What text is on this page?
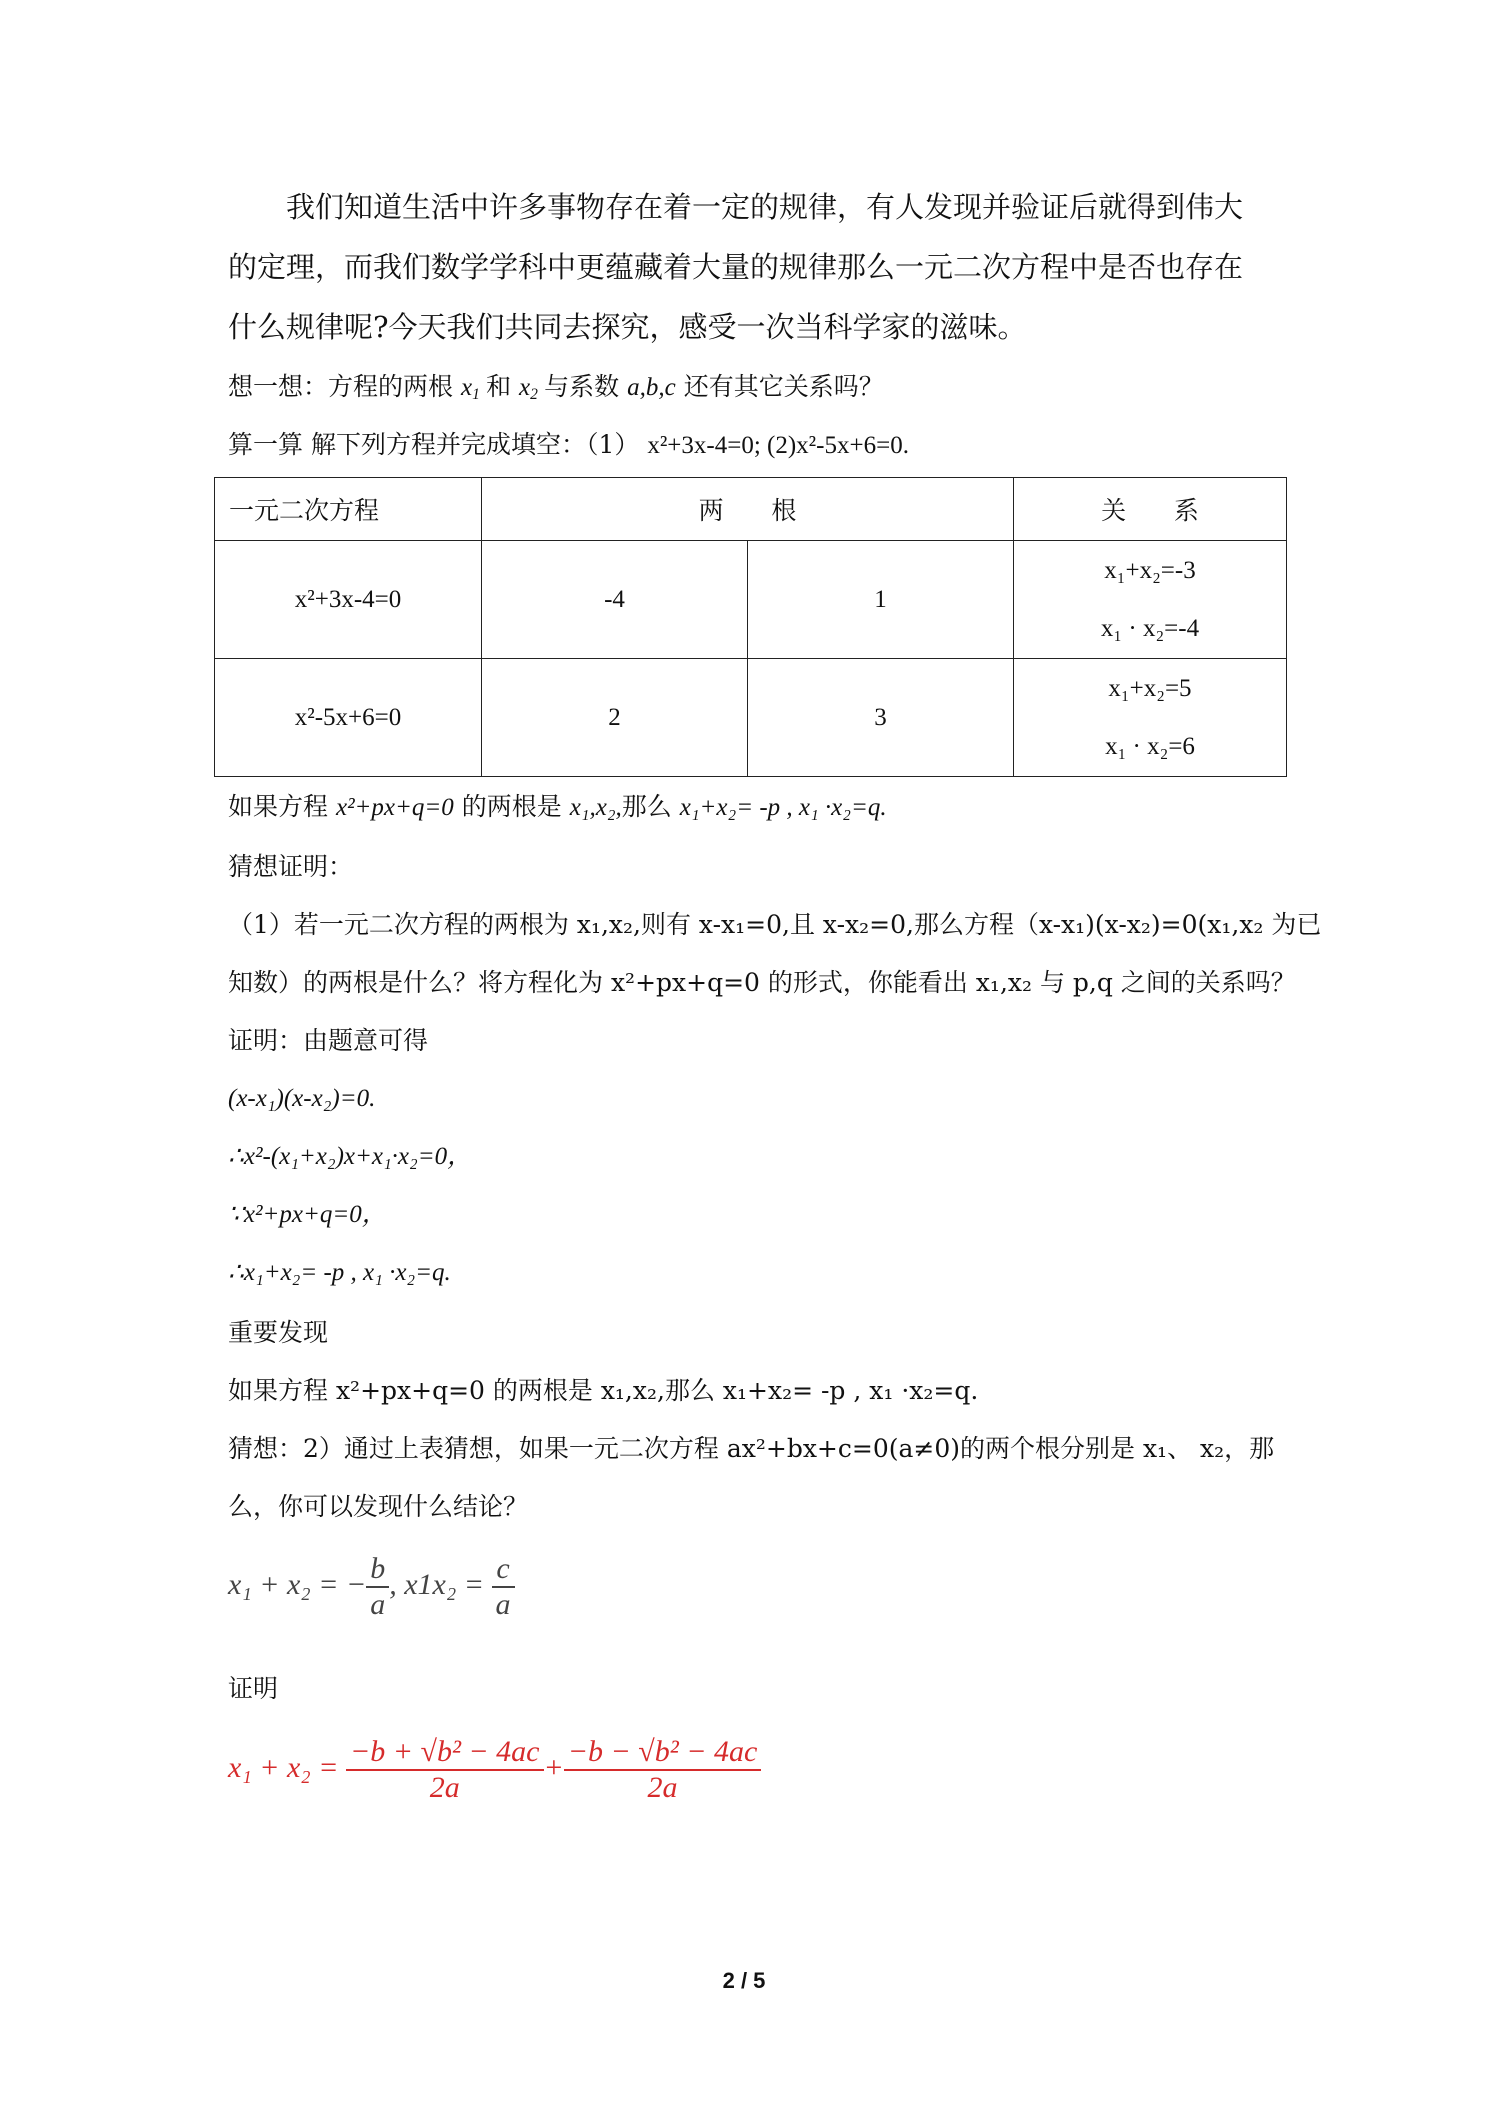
我们知道生活中许多事物存在着一定的规律，有人发现并验证后就得到伟大
的定理，而我们数学学科中更蕴藏着大量的规律那么一元二次方程中是否也存在
什么规律呢?今天我们共同去探究，感受一次当科学家的滋味。
想一想：方程的两根 $x_1$ 和 $x_2$ 与系数 a,b,c 还有其它关系吗？
算一算 解下列方程并完成填空：（1） x²+3x-4=0; (2)x²-5x+6=0.
一元二次方程	两      根		关      系
x²+3x-4=0	-4	1	x₁+x₂=-3
x₁ · x₂=-4

x²-5x+6=0	2	3	x₁+x₂=5
x₁ · x₂=6
如果方程 x²+px+q=0 的两根是 x₁,x₂,那么 x₁+x₂= -p , x₁ ·x₂=q.
猜想证明：
（1）若一元二次方程的两根为 x₁,x₂,则有 x-x₁=0,且 x-x₂=0,那么方程（x-x₁)(x-x₂)=0(x₁,x₂ 为已
知数）的两根是什么？将方程化为 x²+px+q=0 的形式，你能看出 x₁,x₂ 与 p,q 之间的关系吗？
证明：由题意可得
(x-x₁)(x-x₂)=0.
∴x²-(x₁+x₂)x+x₁·x₂=0，
∵x²+px+q=0，
∴x₁+x₂= -p , x₁ ·x₂=q.
重要发现
如果方程 x²+px+q=0 的两根是 x₁,x₂,那么 x₁+x₂= -p , x₁ ·x₂=q.
猜想：2）通过上表猜想，如果一元二次方程 ax²+bx+c=0(a≠0)的两个根分别是 x₁、 x₂，那
么，你可以发现什么结论？
x₁ + x₂ = − $\frac{b}{a}$ , $x1x_2 = \frac{c}{a}$
证明
$x_1 + x_2 = \frac{\text{−b + √b² − 4ac}}{2a} + \frac{\text{−b − √b² − 4ac}}{2a}$
2 / 5
